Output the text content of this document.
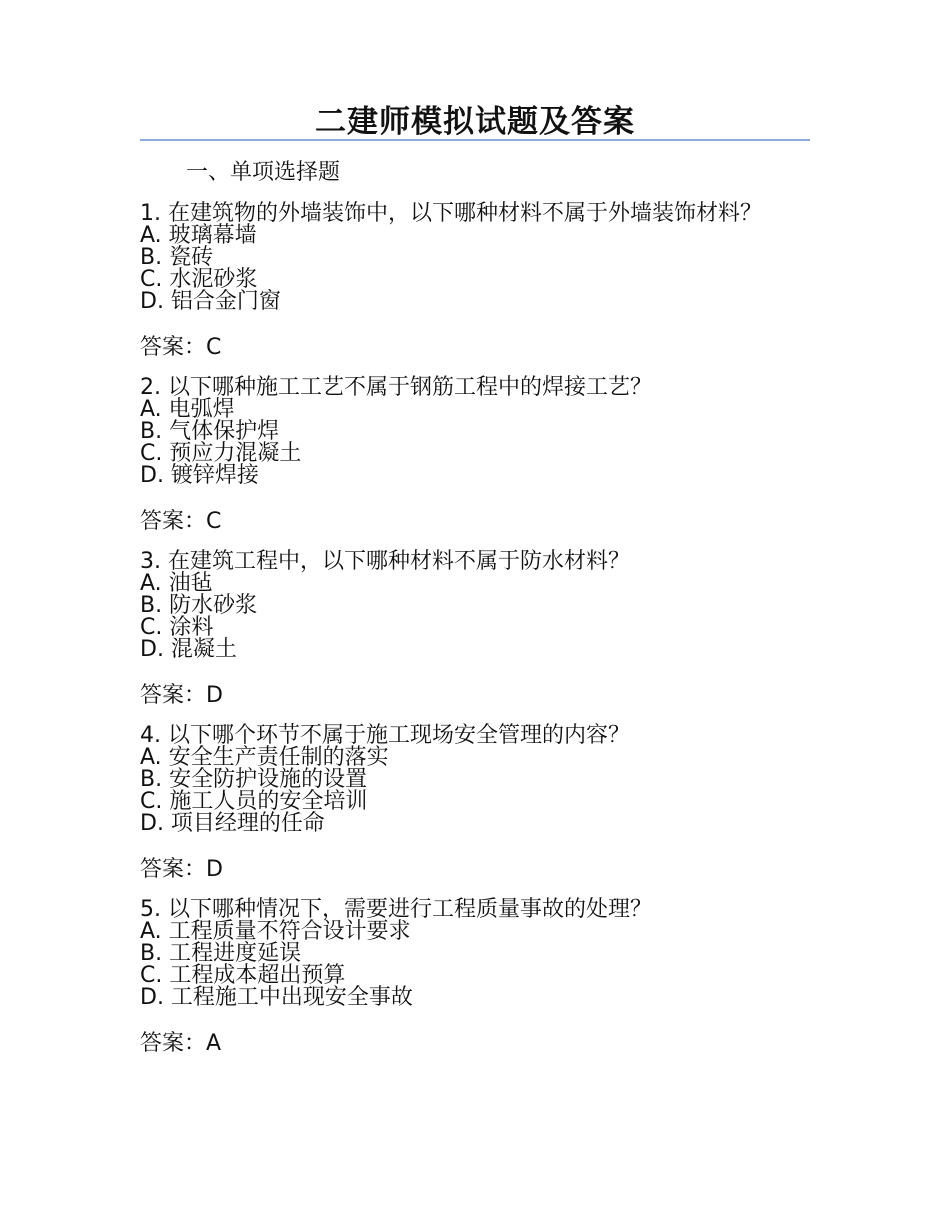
二建师模拟试题及答案
一、单项选择题
1. 在建筑物的外墙装饰中，以下哪种材料不属于外墙装饰材料？
A. 玻璃幕墙
B. 瓷砖
C. 水泥砂浆
D. 铝合金门窗
答案：C
2. 以下哪种施工工艺不属于钢筋工程中的焊接工艺？
A. 电弧焊
B. 气体保护焊
C. 预应力混凝土
D. 镀锌焊接
答案：C
3. 在建筑工程中，以下哪种材料不属于防水材料？
A. 油毡
B. 防水砂浆
C. 涂料
D. 混凝土
答案：D
4. 以下哪个环节不属于施工现场安全管理的内容？
A. 安全生产责任制的落实
B. 安全防护设施的设置
C. 施工人员的安全培训
D. 项目经理的任命
答案：D
5. 以下哪种情况下，需要进行工程质量事故的处理？
A. 工程质量不符合设计要求
B. 工程进度延误
C. 工程成本超出预算
D. 工程施工中出现安全事故
答案：A
